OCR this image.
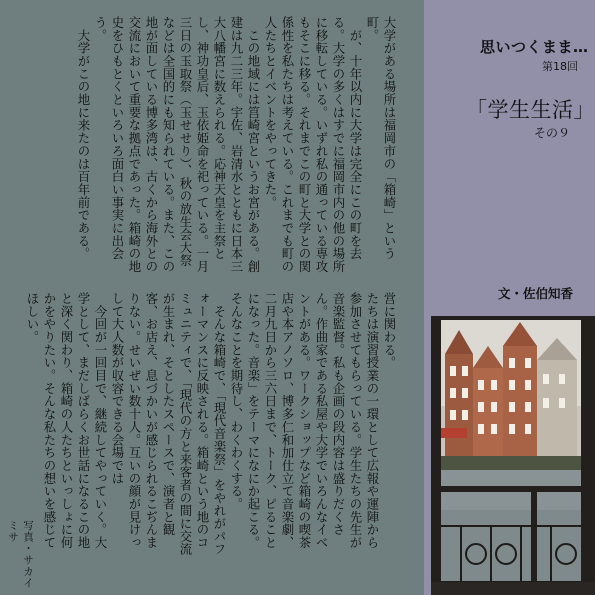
大学がある場所は福岡市の「箱崎」という町。
　が、十年以内に大学は完全にこの町を去る。大学の多くはすでに福岡市内の他の場所に移転している。いずれ私の通っている専攻もそこに移る。それまでこの町と大学との関係性を私たちは考えている。これまでも町の人たちとイベントをやってきた。
　この地域には筥崎宮というお宮がある。創建は九二三年。宇佐、岩清水とともに日本三大八幡宮に数えられる。応神天皇を主祭とし、神功皇后、玉依姫命を祀っている。一月三日の玉取祭（玉せせり）、秋の放生会大祭などは全国的にも知られている。また、この地が面している博多湾は、古くから海外との交流において重要な拠点であった。箱崎の地史をひもとくといろいろ面白い事実に出会う。
　大学がこの地に来たのは百年前である。

営に関わる。
たちは演習授業の一環として広報や運陣から参加させてもらっている。学生たちの先生が音楽監督。私も企画の段内容は盛りだくさん。作曲家である私屋や大学でいろんなイベントがある。ワークショップなど箱崎の喫茶店や本アノソロ、博多仁和加仕立て音楽劇、　二月九日から三六日まで、トーク、ピることになった。音楽」をテーマになにか起こる。そんなことを期待し、わくわくする。
　そんな箱崎で、「現代音楽祭」をやれがパフォーマンスに反映される。箱崎という地のコミュニティで、「現代の方と来客者の間に交流が生まれ、そとしたスペースで、演者と観客、お店え、息づかいが感じられるこぢんまりない。せいぜい数十人。互いの顔が見けっして大人数が収容できる会場では
　今回が一回目で、継続してやっていく。大学として、まだしばらくお世話になるこの地と深く関わり、箱崎の人たちといっしょに何かをやりたい。そんな私たちの想いを感じてほしい。

写真・サカイミサ
思いつくまま…
第18回
「学生生活」
その９
文・佐伯知香
